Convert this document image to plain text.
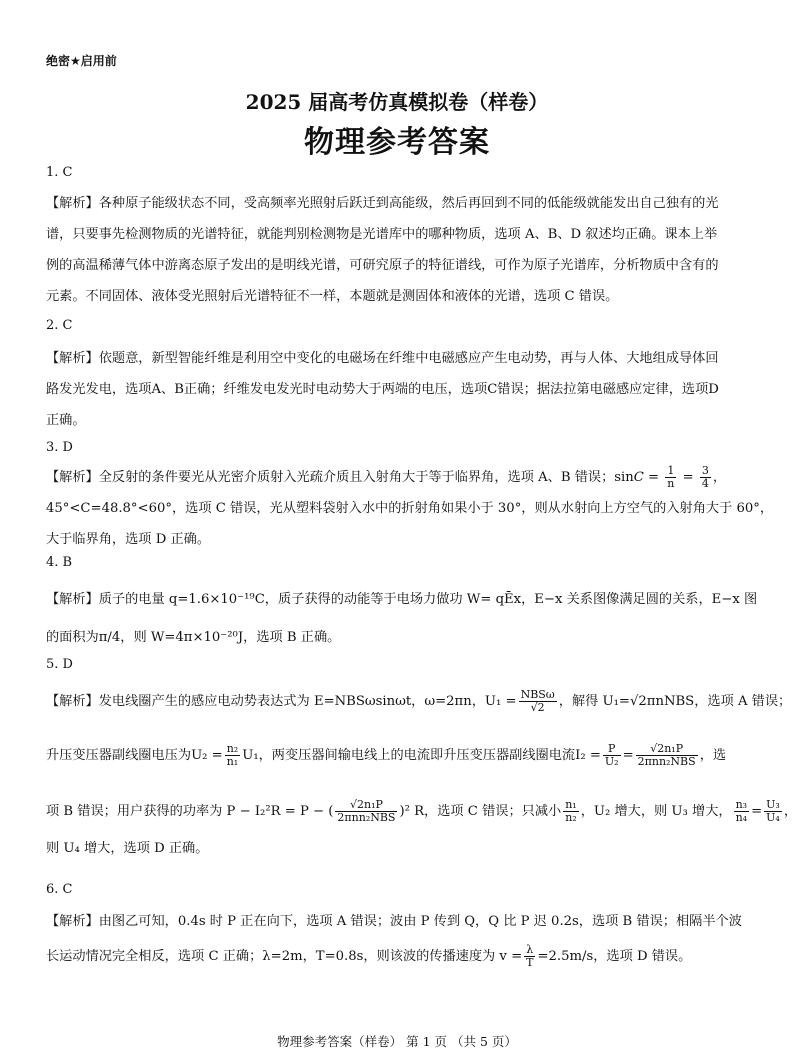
绝密★启用前
2025 届高考仿真模拟卷（样卷）
物理参考答案
1. C
【解析】各种原子能级状态不同，受高频率光照射后跃迁到高能级，然后再回到不同的低能级就能发出自己独有的光
谱，只要事先检测物质的光谱特征，就能判别检测物是光谱库中的哪种物质，选项 A、B、D 叙述均正确。课本上举
例的高温稀薄气体中游离态原子发出的是明线光谱，可研究原子的特征谱线，可作为原子光谱库，分析物质中含有的
元素。不同固体、液体受光照射后光谱特征不一样，本题就是测固体和液体的光谱，选项 C 错误。
2. C
【解析】依题意，新型智能纤维是利用空中变化的电磁场在纤维中电磁感应产生电动势，再与人体、大地组成导体回
路发光发电，选项A、B正确；纤维发电发光时电动势大于两端的电压，选项C错误；据法拉第电磁感应定律，选项D
正确。
3. D
【解析】全反射的条件要光从光密介质射入光疏介质且入射角大于等于临界角，选项 A、B 错误；$\sin C = \frac{1}{n} = \frac{3}{4}$ ，
45°<C=48.8°<60°，选项 C 错误，光从塑料袋射入水中的折射角如果小于 30°，则从水射向上方空气的入射角大于 60°，
大于临界角，选项 D 正确。
4. B
【解析】质子的电量 q=1.6×10⁻¹⁹C，质子获得的动能等于电场力做功 W= qĒx，E−x 关系图像满足圆的关系，E−x 图
的面积为π/4，则 W=4π×10⁻²⁰J，选项 B 正确。
5. D
【解析】发电线圈产生的感应电动势表达式为 E=NBSωsinωt，ω=2πn，$U_1 = \frac{\text{NBSω}}{√2}$ ，解得 U₁=√2πnNBS，选项 A 错误；
升压变压器副线圈电压为$U_2 = \frac{\text{n₂}}{\text{n₁}} U_1$，两变压器间输电线上的电流即升压变压器副线圈电流$I_2 = \frac{P}{\text{U₂}} = \frac{\text{√2n₁P}}{\text{2πnn₂NBS}}$ ，选
项 B 错误；用户获得的功率为 P − I₂²R = P − ( $\frac{\text{√2n₁P}}{\text{2πnn₂NBS}} )^2$ R，选项 C 错误；只减小 $\frac{\text{n₁}}{\text{n₂}}$ ，U₂ 增大，则 U₃ 增大， $\frac{\text{n₃}}{\text{n₄}} = \frac{\text{U₃}}{\text{U₄}}$ ，
则 U₄ 增大，选项 D 正确。
6. C
【解析】由图乙可知，0.4s 时 P 正在向下，选项 A 错误；波由 P 传到 Q，Q 比 P 迟 0.2s，选项 B 错误；相隔半个波
长运动情况完全相反，选项 C 正确；λ=2m，T=0.8s，则该波的传播速度为 $v = \frac{\lambda}{T} =2.5m/s$，选项 D 错误。
物理参考答案（样卷） 第 1 页 （共 5 页）
